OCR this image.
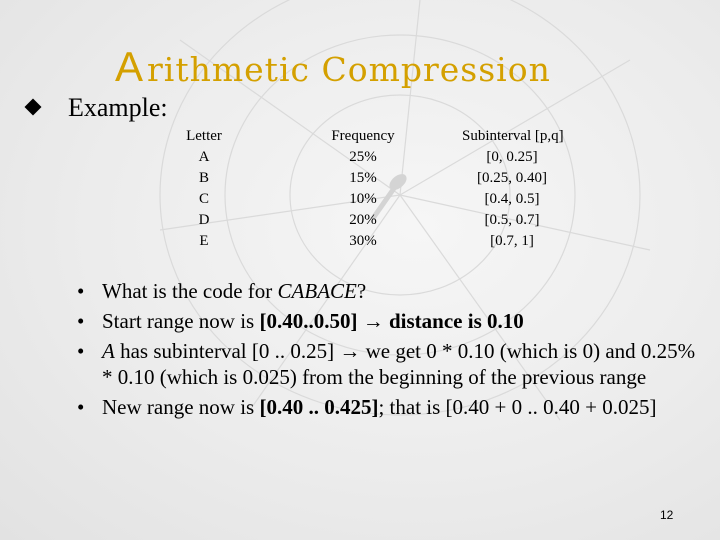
A rithmetic Compression
Example:
Letter
A
B
C
D
E
Frequency
25%
15%
10%
20%
30%
Subinterval [p,q]
[0, 0.25]
[0.25, 0.40]
[0.4, 0.5]
[0.5, 0.7]
[0.7, 1]
• What is the code for CABACE?
• Start range now is [0.40..0.50] → distance is 0.10
• A has subinterval [0 .. 0.25] → we get 0 * 0.10 (which is 0) and 0.25% * 0.10 (which is 0.025) from the beginning of the previous range
• New range now is [0.40 .. 0.425]; that is [0.40 + 0 .. 0.40 + 0.025]
12
